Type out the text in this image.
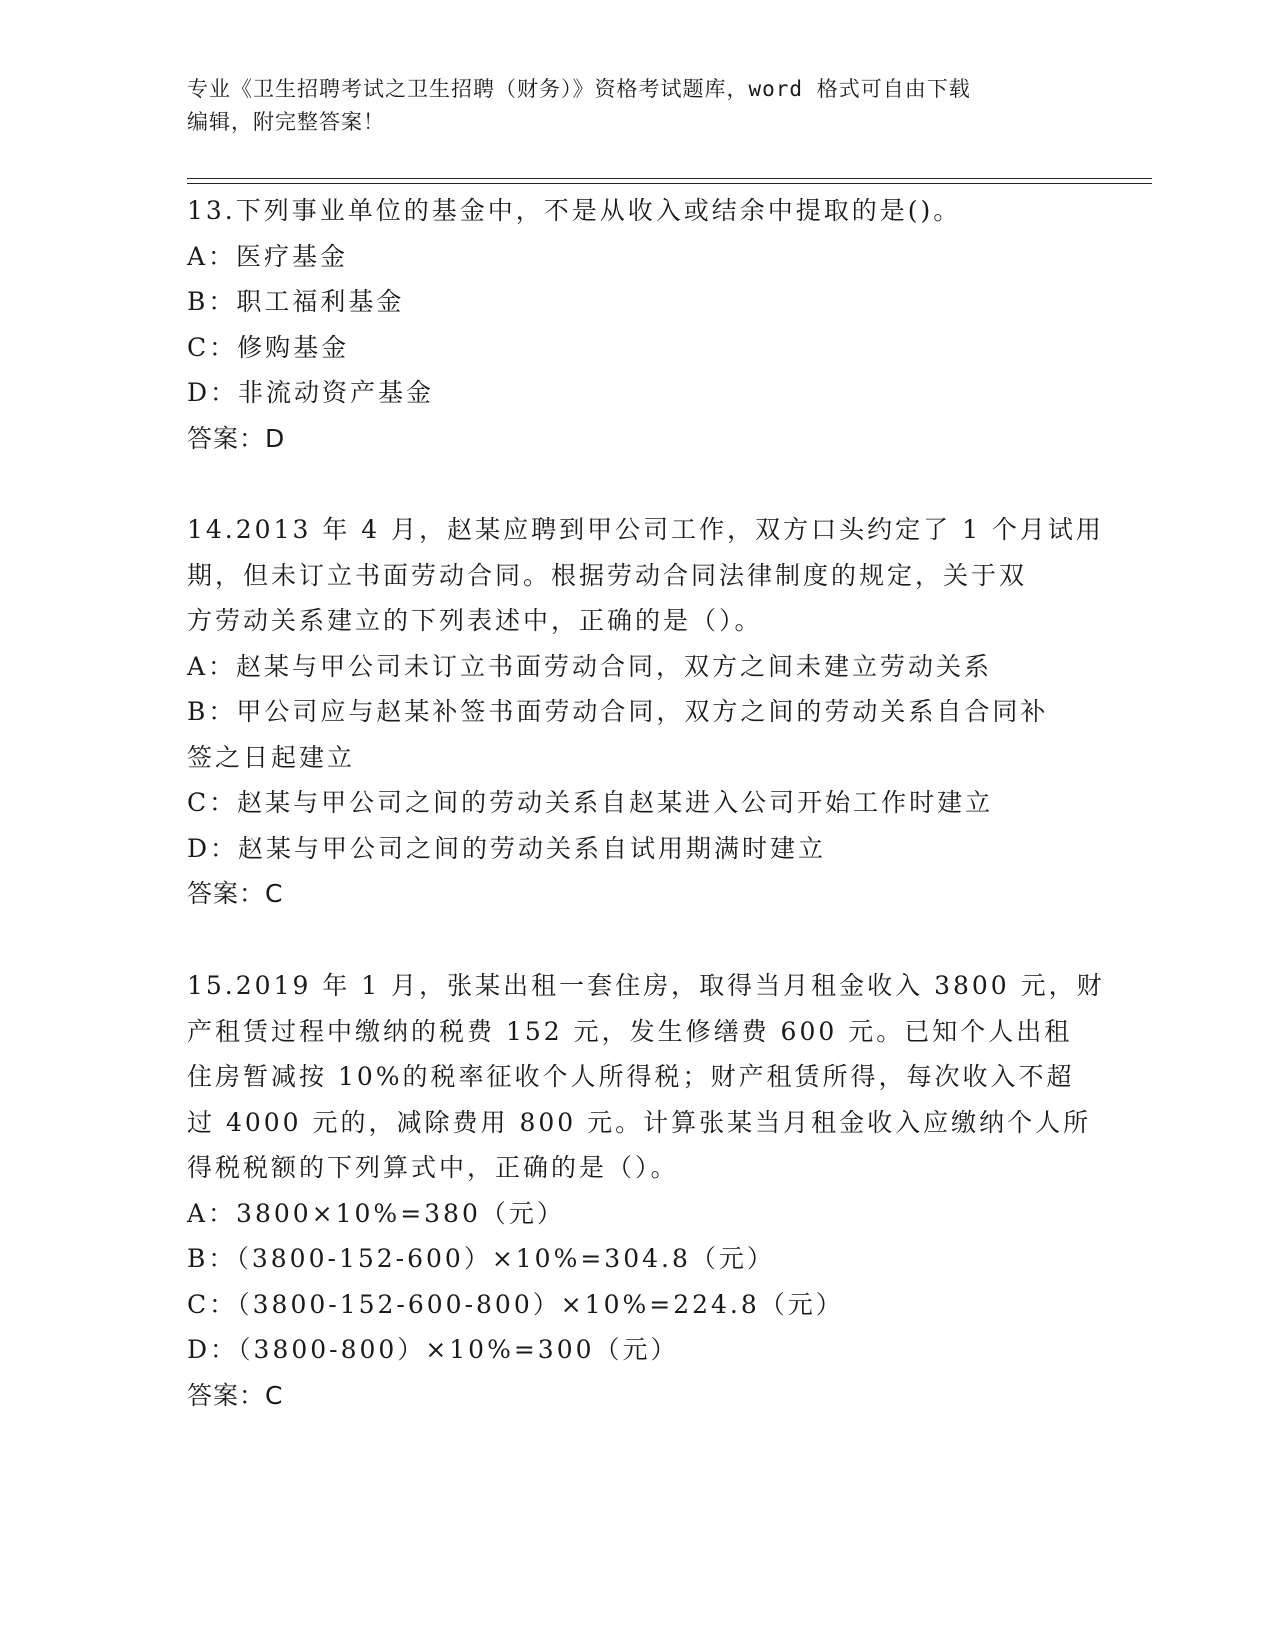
专业《卫生招聘考试之卫生招聘（财务）》资格考试题库，word 格式可自由下载
编辑，附完整答案！
13.下列事业单位的基金中，不是从收入或结余中提取的是()。
A：医疗基金
B：职工福利基金
C：修购基金
D：非流动资产基金
答案：D
14.2013 年 4 月，赵某应聘到甲公司工作，双方口头约定了 1 个月试用
期，但未订立书面劳动合同。根据劳动合同法律制度的规定，关于双
方劳动关系建立的下列表述中，正确的是（）。
A：赵某与甲公司未订立书面劳动合同，双方之间未建立劳动关系
B：甲公司应与赵某补签书面劳动合同，双方之间的劳动关系自合同补
签之日起建立
C：赵某与甲公司之间的劳动关系自赵某进入公司开始工作时建立
D：赵某与甲公司之间的劳动关系自试用期满时建立
答案：C
15.2019 年 1 月，张某出租一套住房，取得当月租金收入 3800 元，财
产租赁过程中缴纳的税费 152 元，发生修缮费 600 元。已知个人出租
住房暂减按 10%的税率征收个人所得税；财产租赁所得，每次收入不超
过 4000 元的，减除费用 800 元。计算张某当月租金收入应缴纳个人所
得税税额的下列算式中，正确的是（）。
A：3800×10%=380（元）
B：（3800-152-600）×10%=304.8（元）
C：（3800-152-600-800）×10%=224.8（元）
D：（3800-800）×10%=300（元）
答案：C
